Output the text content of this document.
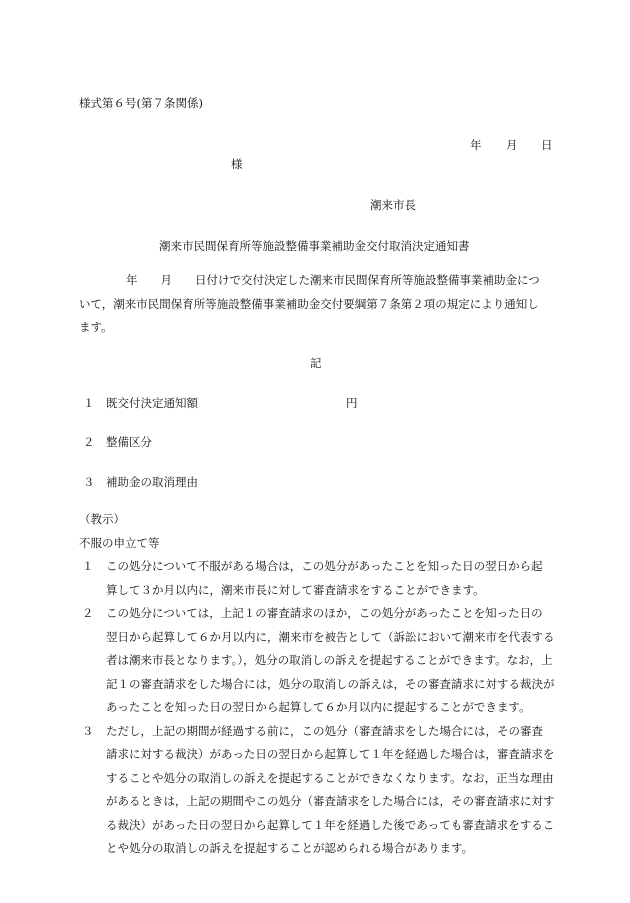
様式第６号(第７条関係)
年 月 日
様
潮来市長
潮来市民間保育所等施設整備事業補助金交付取消決定通知書

年　　月　　日付けで交付決定した潮来市民間保育所等施設整備事業補助金につ

いて，潮来市民間保育所等施設整備事業補助金交付要綱第７条第２項の規定により通知し

ます。

記
１　既交付決定通知額	円
２　整備区分
３　補助金の取消理由
（教示）
不服の申立て等
１	この処分について不服がある場合は，この処分があったことを知った日の翌日から起
算して３か月以内に，潮来市長に対して審査請求をすることができます。
２	この処分については，上記１の審査請求のほか，この処分があったことを知った日の
翌日から起算して６か月以内に，潮来市を被告として（訴訟において潮来市を代表する
者は潮来市長となります。），処分の取消しの訴えを提起することができます。なお，上
記１の審査請求をした場合には，処分の取消しの訴えは，その審査請求に対する裁決が
あったことを知った日の翌日から起算して６か月以内に提起することができます。
３	ただし，上記の期間が経過する前に，この処分（審査請求をした場合には，その審査
請求に対する裁決）があった日の翌日から起算して１年を経過した場合は，審査請求を
することや処分の取消しの訴えを提起することができなくなります。なお，正当な理由
があるときは，上記の期間やこの処分（審査請求をした場合には，その審査請求に対す
る裁決）があった日の翌日から起算して１年を経過した後であっても審査請求をするこ
とや処分の取消しの訴えを提起することが認められる場合があります。
